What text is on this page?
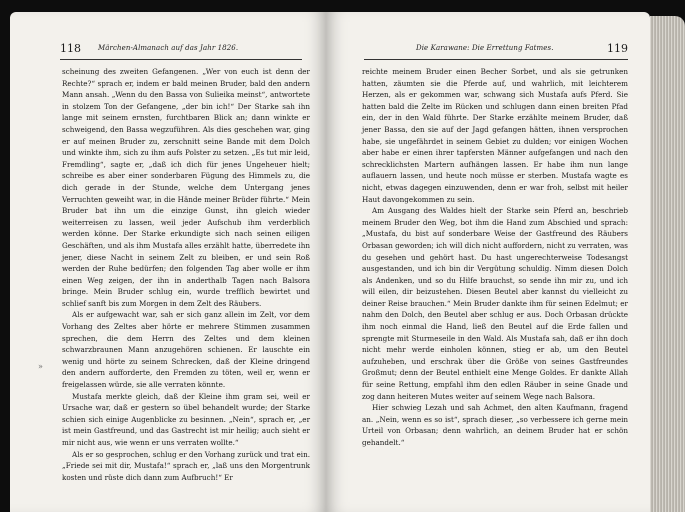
118 Märchen-Almanach auf das Jahr 1826.

scheinung des zweiten Gefangenen. „Wer von euch ist denn der Rechte?“ sprach er, indem er bald meinen Bruder, bald den andern Mann ansah. „Wenn du den Bassa von Sulieika meinst“, antwortete in stolzem Ton der Gefangene, „der bin ich!“ Der Starke sah ihn lange mit seinem ernsten, furchtbaren Blick an; dann winkte er schweigend, den Bassa wegzuführen. Als dies geschehen war, ging er auf meinen Bruder zu, zerschnitt seine Bande mit dem Dolch und winkte ihm, sich zu ihm aufs Polster zu setzen. „Es tut mir leid, Fremdling“, sagte er, „daß ich dich für jenes Ungeheuer hielt; schreibe es aber einer sonderbaren Fügung des Himmels zu, die dich gerade in der Stunde, welche dem Untergang jenes Verruchten geweiht war, in die Hände meiner Brüder führte.“ Mein Bruder bat ihn um die einzige Gunst, ihn gleich wieder weiterreisen zu lassen, weil jeder Aufschub ihm verderblich werden könne. Der Starke erkundigte sich nach seinen eiligen Geschäften, und als ihm Mustafa alles erzählt hatte, überredete ihn jener, diese Nacht in seinem Zelt zu bleiben, er und sein Roß werden der Ruhe bedürfen; den folgenden Tag aber wolle er ihm einen Weg zeigen, der ihn in anderthalb Tagen nach Balsora bringe. Mein Bruder schlug ein, wurde trefflich bewirtet und schlief sanft bis zum Morgen in dem Zelt des Räubers.

Als er aufgewacht war, sah er sich ganz allein im Zelt, vor dem Vorhang des Zeltes aber hörte er mehrere Stimmen zusammen sprechen, die dem Herrn des Zeltes und dem kleinen schwarzbraunen Mann anzugehören schienen. Er lauschte ein wenig und hörte zu seinem Schrecken, daß der Kleine dringend den andern aufforderte, den Fremden zu töten, weil er, wenn er freigelassen würde, sie alle verraten könnte.

Mustafa merkte gleich, daß der Kleine ihm gram sei, weil er Ursache war, daß er gestern so übel behandelt wurde; der Starke schien sich einige Augenblicke zu besinnen. „Nein“, sprach er, „er ist mein Gastfreund, und das Gastrecht ist mir heilig; auch sieht er mir nicht aus, wie wenn er uns verraten wollte.“

Als er so gesprochen, schlug er den Vorhang zurück und trat ein. „Friede sei mit dir, Mustafa!“ sprach er, „laß uns den Morgentrunk kosten und rüste dich dann zum Aufbruch!“ Er

»
Die Karawane: Die Errettung Fatmes.	119

reichte meinem Bruder einen Becher Sorbet, und als sie getrunken hatten, zäumten sie die Pferde auf, und wahrlich, mit leichterem Herzen, als er gekommen war, schwang sich Mustafa aufs Pferd. Sie hatten bald die Zelte im Rücken und schlugen dann einen breiten Pfad ein, der in den Wald führte. Der Starke erzählte meinem Bruder, daß jener Bassa, den sie auf der Jagd gefangen hätten, ihnen versprochen habe, sie ungefährdet in seinem Gebiet zu dulden; vor einigen Wochen aber habe er einen ihrer tapfersten Männer aufgefangen und nach den schrecklichsten Martern aufhängen lassen. Er habe ihm nun lange auflauern lassen, und heute noch müsse er sterben. Mustafa wagte es nicht, etwas dagegen einzuwenden, denn er war froh, selbst mit heiler Haut davongekommen zu sein.

Am Ausgang des Waldes hielt der Starke sein Pferd an, beschrieb meinem Bruder den Weg, bot ihm die Hand zum Abschied und sprach: „Mustafa, du bist auf sonderbare Weise der Gastfreund des Räubers Orbasan geworden; ich will dich nicht auffordern, nicht zu verraten, was du gesehen und gehört hast. Du hast ungerechterweise Todesangst ausgestanden, und ich bin dir Vergütung schuldig. Nimm diesen Dolch als Andenken, und so du Hilfe brauchst, so sende ihn mir zu, und ich will eilen, dir beizustehen. Diesen Beutel aber kannst du vielleicht zu deiner Reise brauchen.“ Mein Bruder dankte ihm für seinen Edelmut; er nahm den Dolch, den Beutel aber schlug er aus. Doch Orbasan drückte ihm noch einmal die Hand, ließ den Beutel auf die Erde fallen und sprengte mit Sturmeseile in den Wald. Als Mustafa sah, daß er ihn doch nicht mehr werde einholen können, stieg er ab, um den Beutel aufzuheben, und erschrak über die Größe von seines Gastfreundes Großmut; denn der Beutel enthielt eine Menge Goldes. Er dankte Allah für seine Rettung, empfahl ihm den edlen Räuber in seine Gnade und zog dann heiteren Mutes weiter auf seinem Wege nach Balsora.

Hier schwieg Lezah und sah Achmet, den alten Kaufmann, fragend an. „Nein, wenn es so ist“, sprach dieser, „so verbessere ich gerne mein Urteil von Orbasan; denn wahrlich, an deinem Bruder hat er schön gehandelt.“
